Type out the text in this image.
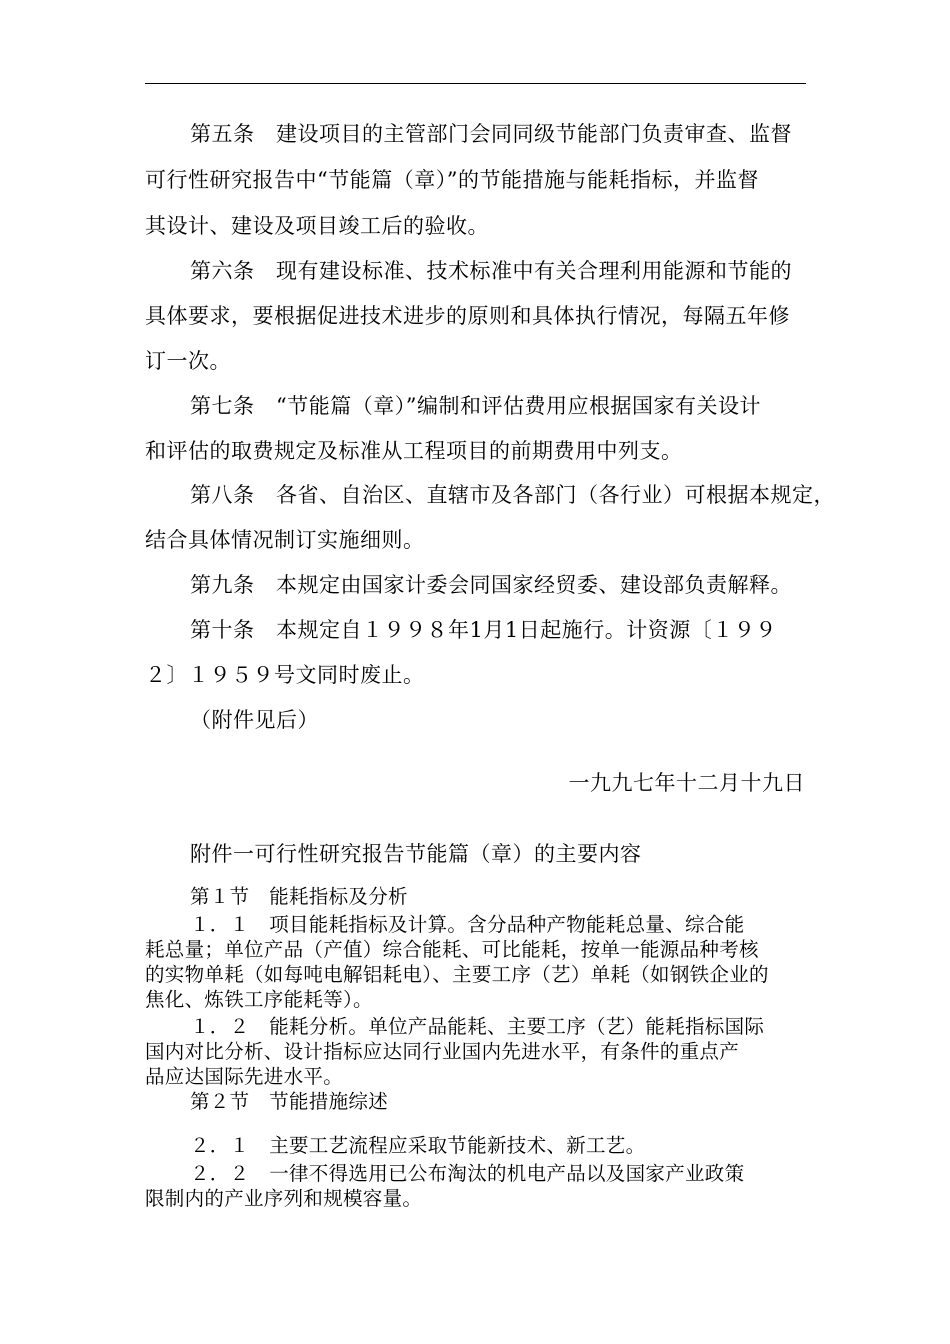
第五条　建设项目的主管部门会同同级节能部门负责审查、监督
可行性研究报告中“节能篇（章）”的节能措施与能耗指标，并监督
其设计、建设及项目竣工后的验收。
第六条　现有建设标准、技术标准中有关合理利用能源和节能的
具体要求，要根据促进技术进步的原则和具体执行情况，每隔五年修
订一次。
第七条　“节能篇（章）”编制和评估费用应根据国家有关设计
和评估的取费规定及标准从工程项目的前期费用中列支。
第八条　各省、自治区、直辖市及各部门（各行业）可根据本规定，
结合具体情况制订实施细则。
第九条　本规定由国家计委会同国家经贸委、建设部负责解释。
第十条　本规定自１９９８年1月1日起施行。计资源〔１９９
２〕１９５９号文同时废止。
（附件见后）
一九九七年十二月十九日
附件一可行性研究报告节能篇（章）的主要内容
第１节　能耗指标及分析
１．１　项目能耗指标及计算。含分品种产物能耗总量、综合能
耗总量；单位产品（产值）综合能耗、可比能耗，按单一能源品种考核
的实物单耗（如每吨电解铝耗电）、主要工序（艺）单耗（如钢铁企业的
焦化、炼铁工序能耗等）。
１．２　能耗分析。单位产品能耗、主要工序（艺）能耗指标国际
国内对比分析、设计指标应达同行业国内先进水平，有条件的重点产
品应达国际先进水平。
第２节　节能措施综述
２．１　主要工艺流程应采取节能新技术、新工艺。
２．２　一律不得选用已公布淘汰的机电产品以及国家产业政策
限制内的产业序列和规模容量。
